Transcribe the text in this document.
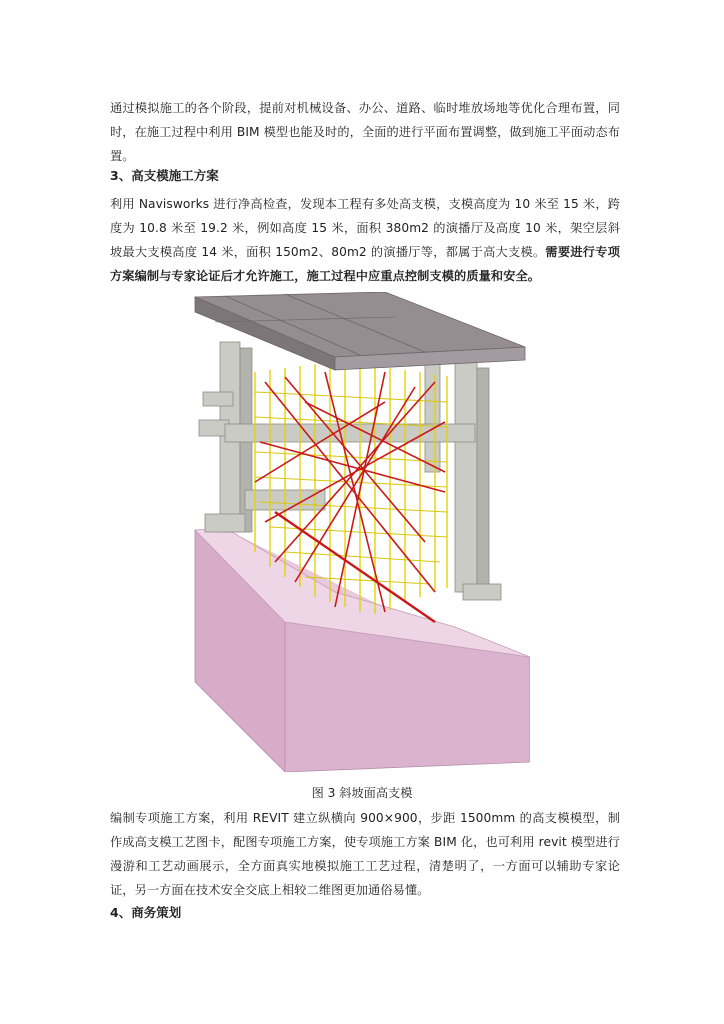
通过模拟施工的各个阶段，提前对机械设备、办公、道路、临时堆放场地等优化合理布置，同时，在施工过程中利用 BIM 模型也能及时的，全面的进行平面布置调整，做到施工平面动态布置。

3、高支模施工方案

利用 Navisworks 进行净高检查，发现本工程有多处高支模，支模高度为 10 米至 15 米，跨度为 10.8 米至 19.2 米，例如高度 15 米，面积 380m2 的演播厅及高度 10 米，架空层斜坡最大支模高度 14 米，面积 150m2、80m2 的演播厅等，都属于高大支模。需要进行专项方案编制与专家论证后才允许施工，施工过程中应重点控制支模的质量和安全。

图 3 斜坡面高支模

编制专项施工方案，利用 REVIT 建立纵横向 900×900，步距 1500mm 的高支模模型，制作成高支模工艺图卡，配图专项施工方案，使专项施工方案 BIM 化，也可利用 revit 模型进行漫游和工艺动画展示，全方面真实地模拟施工工艺过程，清楚明了，一方面可以辅助专家论证，另一方面在技术安全交底上相较二维图更加通俗易懂。

4、商务策划
